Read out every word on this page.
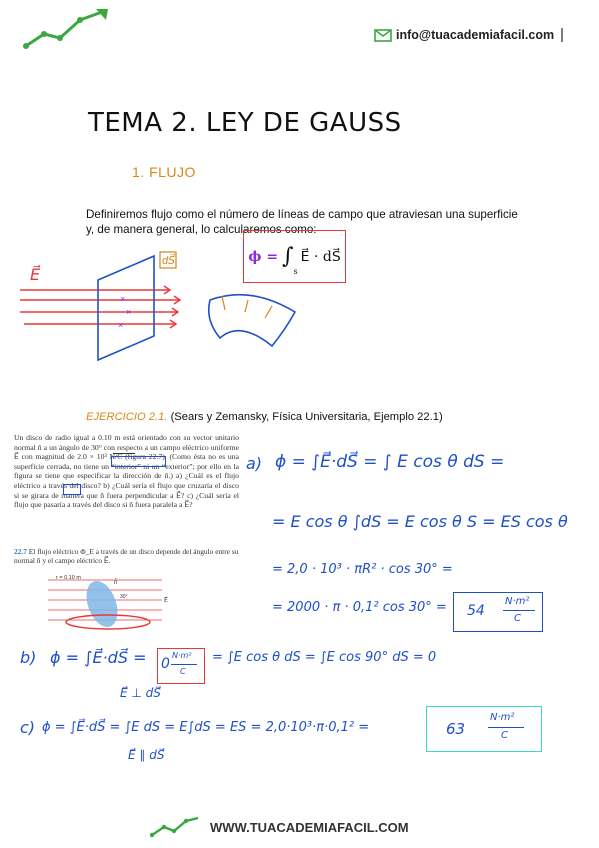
info@tuacademiafacil.com
TEMA 2. LEY DE GAUSS
1. FLUJO
Definiremos flujo como el número de líneas de campo que atraviesan una superficie y, de manera general, lo calcularemos como:
ϕ = ∫
$_s$
E⃗ · dS⃗
E⃗
×
×
×
dS⃗
EJERCICIO 2.1. (Sears y Zemansky, Física Universitaria, Ejemplo 22.1)
Un disco de radio igual a 0.10 m está orientado con su vector unitario normal n̂ a un ángulo de 30° con respecto a un campo eléctrico uniforme E⃗ con magnitud de 2.0 × 10³ N/C (figura 22.7). (Como ésta no es una superficie cerrada, no tiene un “interior” ni un “exterior”; por ello en la figura se tiene que especificar la dirección de n̂.) a) ¿Cuál es el flujo eléctrico a través del disco? b) ¿Cuál sería el flujo que cruzaría el disco si se girara de manera que n̂ fuera perpendicular a E⃗? c) ¿Cuál sería el flujo que pasaría a través del disco si n̂ fuera paralela a E⃗?
22.7 El flujo eléctrico Φ_E a través de un disco depende del ángulo entre su normal n̂ y el campo eléctrico E⃗.
r = 0.10 m
n̂
30°
E⃗
a) ϕ = ∫E⃗·dS⃗ = ∫ E cos θ dS =
= E cos θ ∫dS = E cos θ S = ES cos θ
= 2,0 · 10³ · πR² · cos 30° =
= 2000 · π · 0,1² cos 30° = 54
N·m²
C
b) ϕ = ∫E⃗·dS⃗ = 0
N·m²
C
= ∫E cos θ dS = ∫E cos 90° dS = 0
E⃗ ⊥ dS⃗
c) ϕ = ∫E⃗·dS⃗ = ∫E dS = E∫dS = ES = 2,0·10³·π·0,1² =	63
N·m²
C
E⃗ ∥ dS⃗
WWW.TUACADEMIAFACIL.COM
